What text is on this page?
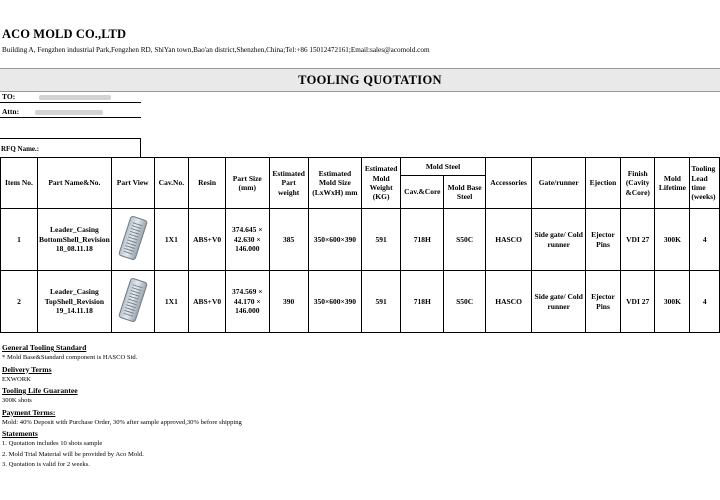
ACO MOLD CO.,LTD
Building A, Fengzhen industrial Park,Fengzhen RD, ShiYan town,Bao'an district,Shenzhen,China;Tel:+86 15012472161;Email:sales@acomold.com
TOOLING QUOTATION
TO:
Attn:
RFQ Name.:
Item No.	Part Name&No.	Part View	Cav.No.	Resin	Part Size (mm)	Estimated Part weight	Estimated Mold Size (LxWxH) mm	Estimated Mold Weight (KG)	Mold Steel		Accessories	Gate/runner	Ejection	Finish (Cavity &Core)	Mold Lifetime	Tooling Lead time (weeks)
									Cav.&Core	Mold Base Steel						
1	Leader_Casing BottomShell_Revision 18_08.11.18		1X1	ABS+V0	374.645 × 42.630 × 146.000	385	350×600×390	591	718H	S50C	HASCO	Side gate/ Cold runner	Ejector Pins	VDI 27	300K	4
2	Leader_Casing TopShell_Revision 19_14.11.18		1X1	ABS+V0	374.569 × 44.170 × 146.000	390	350×600×390	591	718H	S50C	HASCO	Side gate/ Cold runner	Ejector Pins	VDI 27	300K	4
General Tooling Standard
* Mold Base&Standard component is HASCO Std.
Delivery Terms
EXWORK
Tooling Life Guarantee
300K shots
Payment Terms:
Mold: 40% Deposit with Purchase Order, 30% after sample approved,30% before shipping
Statements
1. Quotation includes 10 shots sample
2. Mold Trial Material will be provided by Aco Mold.
3. Quotation is valid for 2 weeks.
